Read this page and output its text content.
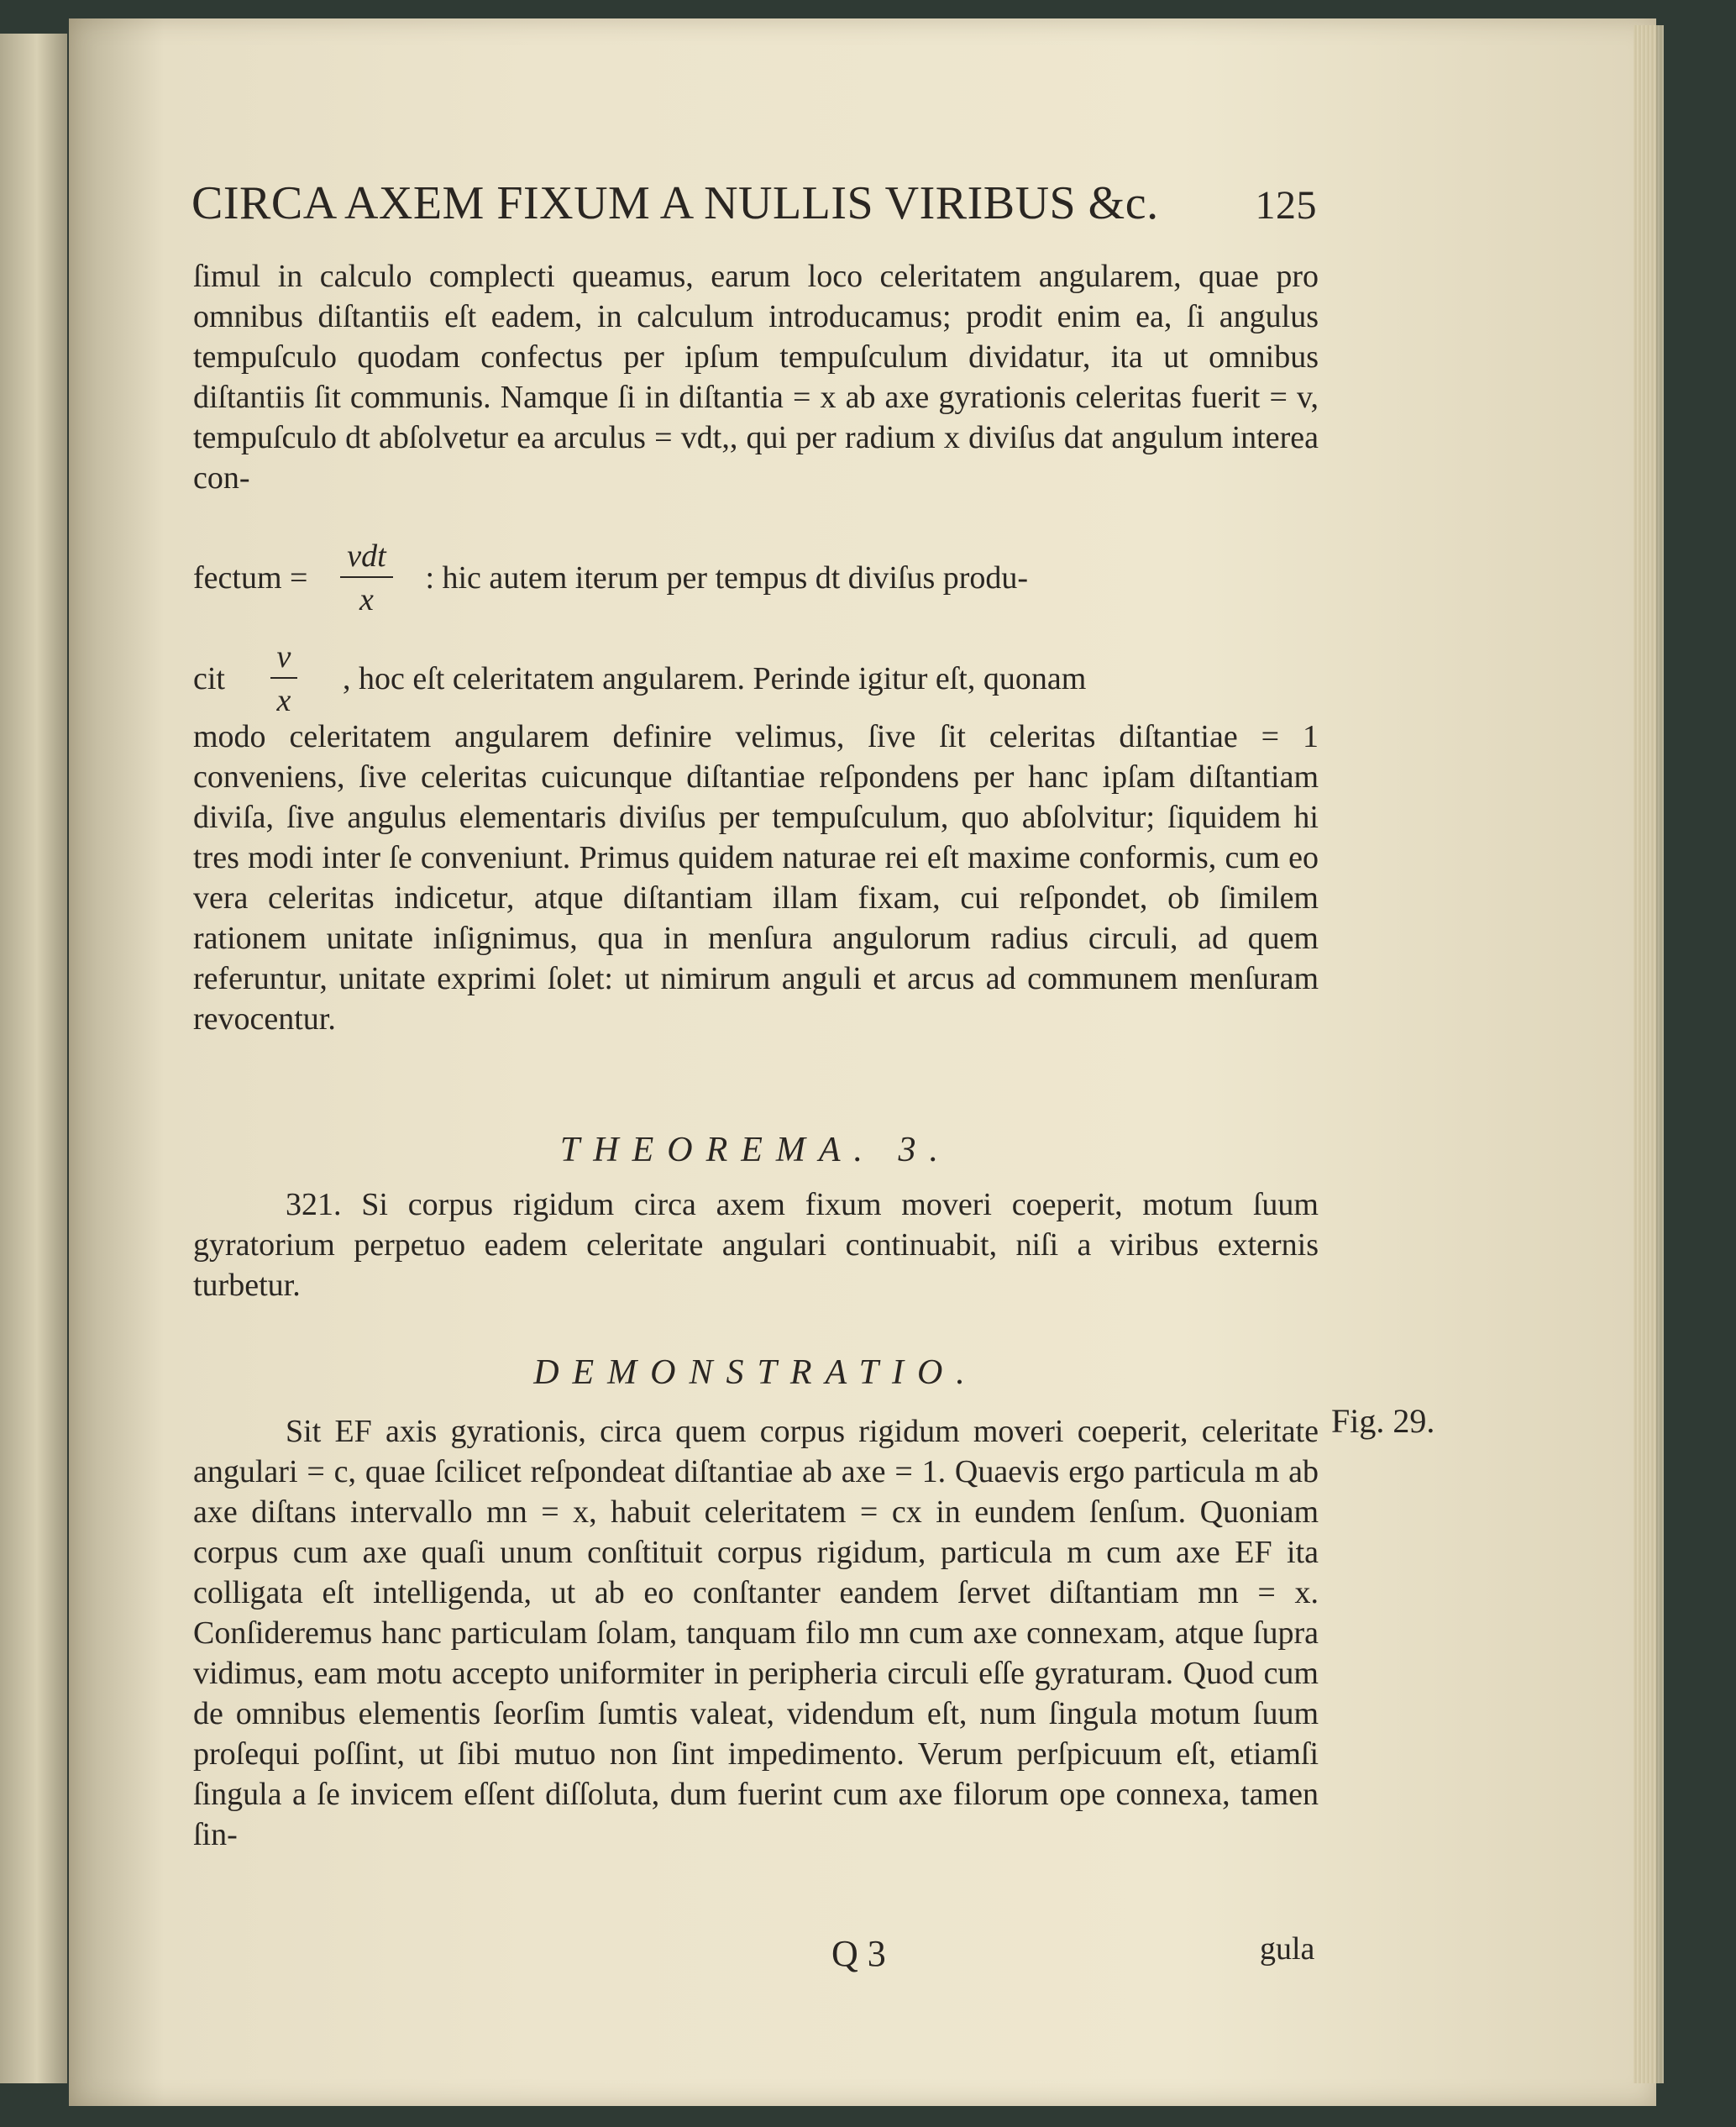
CIRCA AXEM FIXUM A NULLIS VIRIBUS &c. 125

ſimul in calculo complecti queamus, earum loco celeritatem angularem, quae pro omnibus diſtantiis eſt eadem, in calculum introducamus; prodit enim ea, ſi angulus tempuſculo quodam confectus per ipſum tempuſculum dividatur, ita ut omnibus diſtantiis ſit communis. Namque ſi in diſtantia = x ab axe gyrationis celeritas fuerit = v, tempuſculo dt abſolvetur ea arculus = vdt,, qui per radium x diviſus dat angulum interea con-

fectum = $\frac{\text{vdt}}{x}$ : hic autem iterum per tempus dt diviſus produ-
cit $\frac{v}{x}$ , hoc eſt celeritatem angularem. Perinde igitur eſt, quonam

modo celeritatem angularem definire velimus, ſive ſit celeritas diſtantiae = 1 conveniens, ſive celeritas cuicunque diſtantiae reſpondens per hanc ipſam diſtantiam diviſa, ſive angulus elementaris diviſus per tempuſculum, quo abſolvitur; ſiquidem hi tres modi inter ſe conveniunt. Primus quidem naturae rei eſt maxime conformis, cum eo vera celeritas indicetur, atque diſtantiam illam fixam, cui reſpondet, ob ſimilem rationem unitate inſignimus, qua in menſura angulorum radius circuli, ad quem referuntur, unitate exprimi ſolet: ut nimirum anguli et arcus ad communem menſuram revocentur.

THEOREMA. 3.

321. Si corpus rigidum circa axem fixum moveri coeperit, motum ſuum gyratorium perpetuo eadem celeritate angulari continuabit, niſi a viribus externis turbetur.

DEMONSTRATIO.

Sit EF axis gyrationis, circa quem corpus rigidum moveri coeperit, celeritate angulari = c, quae ſcilicet reſpondeat diſtantiae ab axe = 1. Quaevis ergo particula m ab axe diſtans intervallo mn = x, habuit celeritatem = cx in eundem ſenſum. Quoniam corpus cum axe quaſi unum conſtituit corpus rigidum, particula m cum axe EF ita colligata eſt intelligenda, ut ab eo conſtanter eandem ſervet diſtantiam mn = x. Conſideremus hanc particulam ſolam, tanquam filo mn cum axe connexam, atque ſupra vidimus, eam motu accepto uniformiter in peripheria circuli eſſe gyraturam. Quod cum de omnibus elementis ſeorſim ſumtis valeat, videndum eſt, num ſingula motum ſuum proſequi poſſint, ut ſibi mutuo non ſint impedimento. Verum perſpicuum eſt, etiamſi ſingula a ſe invicem eſſent diſſoluta, dum fuerint cum axe filorum ope connexa, tamen ſin-

Fig. 29.
Q 3	gula
